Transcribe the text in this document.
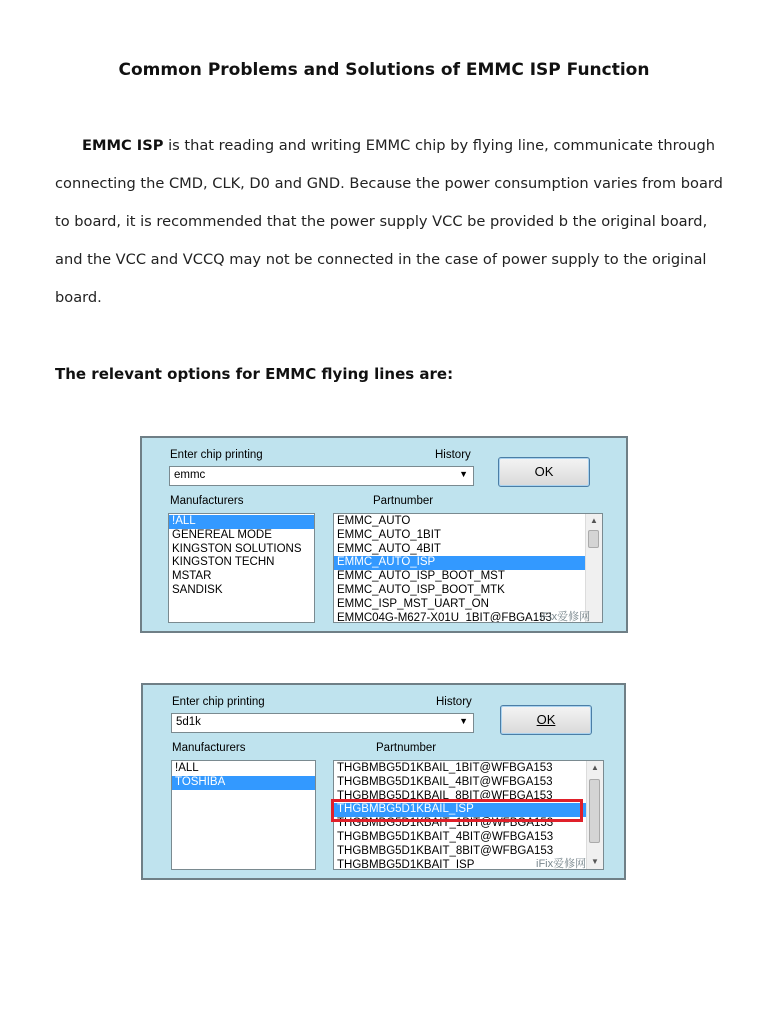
Common Problems and Solutions of EMMC ISP Function
EMMC ISP is that reading and writing EMMC chip by flying line, communicate through connecting the CMD, CLK, D0 and GND. Because the power consumption varies from board to board, it is recommended that the power supply VCC be provided b the original board, and the VCC and VCCQ may not be connected in the case of power supply to the original board.
The relevant options for EMMC flying lines are:
Enter chip printing	History
emmc	▼	OK
Manufacturers	Partnumber
!ALL
GENEREAL MODE
KINGSTON SOLUTIONS
KINGSTON TECHN
MSTAR
SANDISK
EMMC_AUTO
EMMC_AUTO_1BIT
EMMC_AUTO_4BIT
EMMC_AUTO_ISP
EMMC_AUTO_ISP_BOOT_MST
EMMC_AUTO_ISP_BOOT_MTK
EMMC_ISP_MST_UART_ON
EMMC04G-M627-X01U_1BIT@FBGA153
▲
iFix爱修网
Enter chip printing	History
5d1k	▼	OK
Manufacturers	Partnumber
!ALL
TOSHIBA
THGBMBG5D1KBAIL_1BIT@WFBGA153
THGBMBG5D1KBAIL_4BIT@WFBGA153
THGBMBG5D1KBAIL_8BIT@WFBGA153
THGBMBG5D1KBAIL_ISP
THGBMBG5D1KBAIT_1BIT@WFBGA153
THGBMBG5D1KBAIT_4BIT@WFBGA153
THGBMBG5D1KBAIT_8BIT@WFBGA153
THGBMBG5D1KBAIT_ISP
▲
▼
iFix爱修网
